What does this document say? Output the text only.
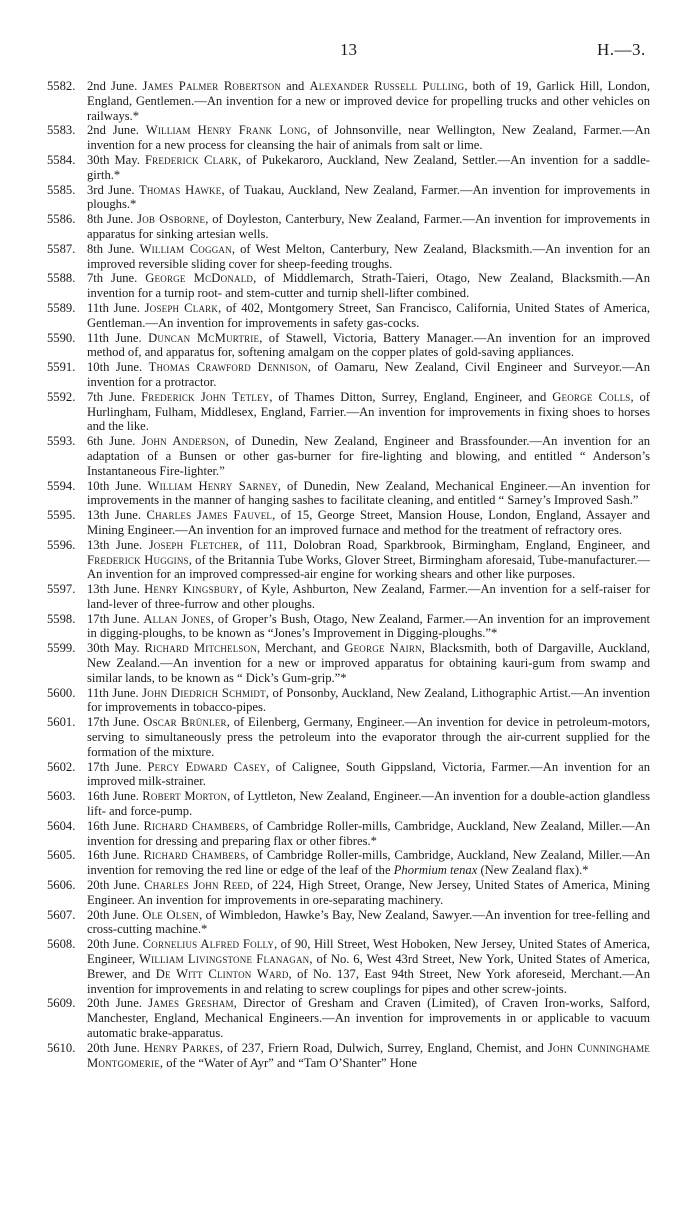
13	H.—3.

5582. 2nd June. James Palmer Robertson and Alexander Russell Pulling, both of 19, Garlick Hill, London, England, Gentlemen.—An invention for a new or improved device for propelling trucks and other vehicles on railways.*

5583. 2nd June. William Henry Frank Long, of Johnsonville, near Wellington, New Zealand, Farmer.—An invention for a new process for cleansing the hair of animals from salt or lime.

5584. 30th May. Frederick Clark, of Pukekaroro, Auckland, New Zealand, Settler.—An invention for a saddle-girth.*

5585. 3rd June. Thomas Hawke, of Tuakau, Auckland, New Zealand, Farmer.—An invention for improvements in ploughs.*

5586. 8th June. Job Osborne, of Doyleston, Canterbury, New Zealand, Farmer.—An invention for improvements in apparatus for sinking artesian wells.

5587. 8th June. William Coggan, of West Melton, Canterbury, New Zealand, Blacksmith.—An invention for an improved reversible sliding cover for sheep-feeding troughs.

5588. 7th June. George McDonald, of Middlemarch, Strath-Taieri, Otago, New Zealand, Blacksmith.—An invention for a turnip root- and stem-cutter and turnip shell-lifter combined.

5589. 11th June. Joseph Clark, of 402, Montgomery Street, San Francisco, California, United States of America, Gentleman.—An invention for improvements in safety gas-cocks.

5590. 11th June. Duncan McMurtrie, of Stawell, Victoria, Battery Manager.—An invention for an improved method of, and apparatus for, softening amalgam on the copper plates of gold-saving appliances.

5591. 10th June. Thomas Crawford Dennison, of Oamaru, New Zealand, Civil Engineer and Surveyor.—An invention for a protractor.

5592. 7th June. Frederick John Tetley, of Thames Ditton, Surrey, England, Engineer, and George Colls, of Hurlingham, Fulham, Middlesex, England, Farrier.—An invention for improvements in fixing shoes to horses and the like.

5593. 6th June. John Anderson, of Dunedin, New Zealand, Engineer and Brassfounder.—An invention for an adaptation of a Bunsen or other gas-burner for fire-lighting and blowing, and entitled “ Anderson’s Instantaneous Fire-lighter.”

5594. 10th June. William Henry Sarney, of Dunedin, New Zealand, Mechanical Engineer.—An invention for improvements in the manner of hanging sashes to facilitate cleaning, and entitled “ Sarney’s Improved Sash.”

5595. 13th June. Charles James Fauvel, of 15, George Street, Mansion House, London, England, Assayer and Mining Engineer.—An invention for an improved furnace and method for the treatment of refractory ores.

5596. 13th June. Joseph Fletcher, of 111, Dolobran Road, Sparkbrook, Birmingham, England, Engineer, and Frederick Huggins, of the Britannia Tube Works, Glover Street, Birmingham aforesaid, Tube-manufacturer.—An invention for an improved compressed-air engine for working shears and other like purposes.

5597. 13th June. Henry Kingsbury, of Kyle, Ashburton, New Zealand, Farmer.—An invention for a self-raiser for land-lever of three-furrow and other ploughs.

5598. 17th June. Allan Jones, of Groper’s Bush, Otago, New Zealand, Farmer.—An invention for an improvement in digging-ploughs, to be known as “Jones’s Improvement in Digging-ploughs.”*

5599. 30th May. Richard Mitchelson, Merchant, and George Nairn, Blacksmith, both of Dargaville, Auckland, New Zealand.—An invention for a new or improved apparatus for obtaining kauri-gum from swamp and similar lands, to be known as “ Dick’s Gum-grip.”*

5600. 11th June. John Diedrich Schmidt, of Ponsonby, Auckland, New Zealand, Lithographic Artist.—An invention for improvements in tobacco-pipes.

5601. 17th June. Oscar Brünler, of Eilenberg, Germany, Engineer.—An invention for device in petroleum-motors, serving to simultaneously press the petroleum into the evaporator through the air-current supplied for the formation of the mixture.

5602. 17th June. Percy Edward Casey, of Calignee, South Gippsland, Victoria, Farmer.—An invention for an improved milk-strainer.

5603. 16th June. Robert Morton, of Lyttleton, New Zealand, Engineer.—An invention for a double-action glandless lift- and force-pump.

5604. 16th June. Richard Chambers, of Cambridge Roller-mills, Cambridge, Auckland, New Zealand, Miller.—An invention for dressing and preparing flax or other fibres.*

5605. 16th June. Richard Chambers, of Cambridge Roller-mills, Cambridge, Auckland, New Zealand, Miller.—An invention for removing the red line or edge of the leaf of the Phormium tenax (New Zealand flax).*

5606. 20th June. Charles John Reed, of 224, High Street, Orange, New Jersey, United States of America, Mining Engineer. An invention for improvements in ore-separating machinery.

5607. 20th June. Ole Olsen, of Wimbledon, Hawke’s Bay, New Zealand, Sawyer.—An invention for tree-felling and cross-cutting machine.*

5608. 20th June. Cornelius Alfred Folly, of 90, Hill Street, West Hoboken, New Jersey, United States of America, Engineer, William Livingstone Flanagan, of No. 6, West 43rd Street, New York, United States of America, Brewer, and De Witt Clinton Ward, of No. 137, East 94th Street, New York aforeseid, Merchant.—An invention for improvements in and relating to screw couplings for pipes and other screw-joints.

5609. 20th June. James Gresham, Director of Gresham and Craven (Limited), of Craven Iron-works, Salford, Manchester, England, Mechanical Engineers.—An invention for improvements in or applicable to vacuum automatic brake-apparatus.

5610. 20th June. Henry Parkes, of 237, Friern Road, Dulwich, Surrey, England, Chemist, and John Cunninghame Montgomerie, of the “Water of Ayr” and “Tam O’Shanter” Hone
